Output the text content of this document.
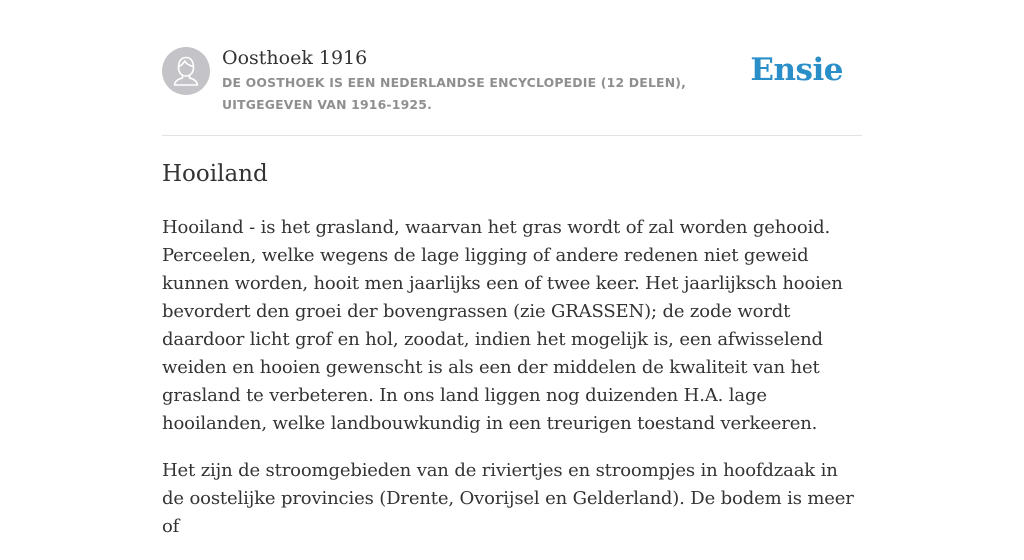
Oosthoek 1916
DE OOSTHOEK IS EEN NEDERLANDSE ENCYCLOPEDIE (12 DELEN), UITGEGEVEN VAN 1916-1925.
Ensie
Hooiland

Hooiland - is het grasland, waarvan het gras wordt of zal worden gehooid. Perceelen, welke wegens de lage ligging of andere redenen niet geweid kunnen worden, hooit men jaarlijks een of twee keer. Het jaarlijksch hooien bevordert den groei der bovengrassen (zie GRASSEN); de zode wordt daardoor licht grof en hol, zoodat, indien het mogelijk is, een afwisselend weiden en hooien gewenscht is als een der middelen de kwaliteit van het grasland te verbeteren. In ons land liggen nog duizenden H.A. lage hooilanden, welke landbouwkundig in een treurigen toestand verkeeren.

Het zijn de stroomgebieden van de riviertjes en stroompjes in hoofdzaak in de oostelijke provincies (Drente, Ovorijsel en Gelderland). De bodem is meer of
